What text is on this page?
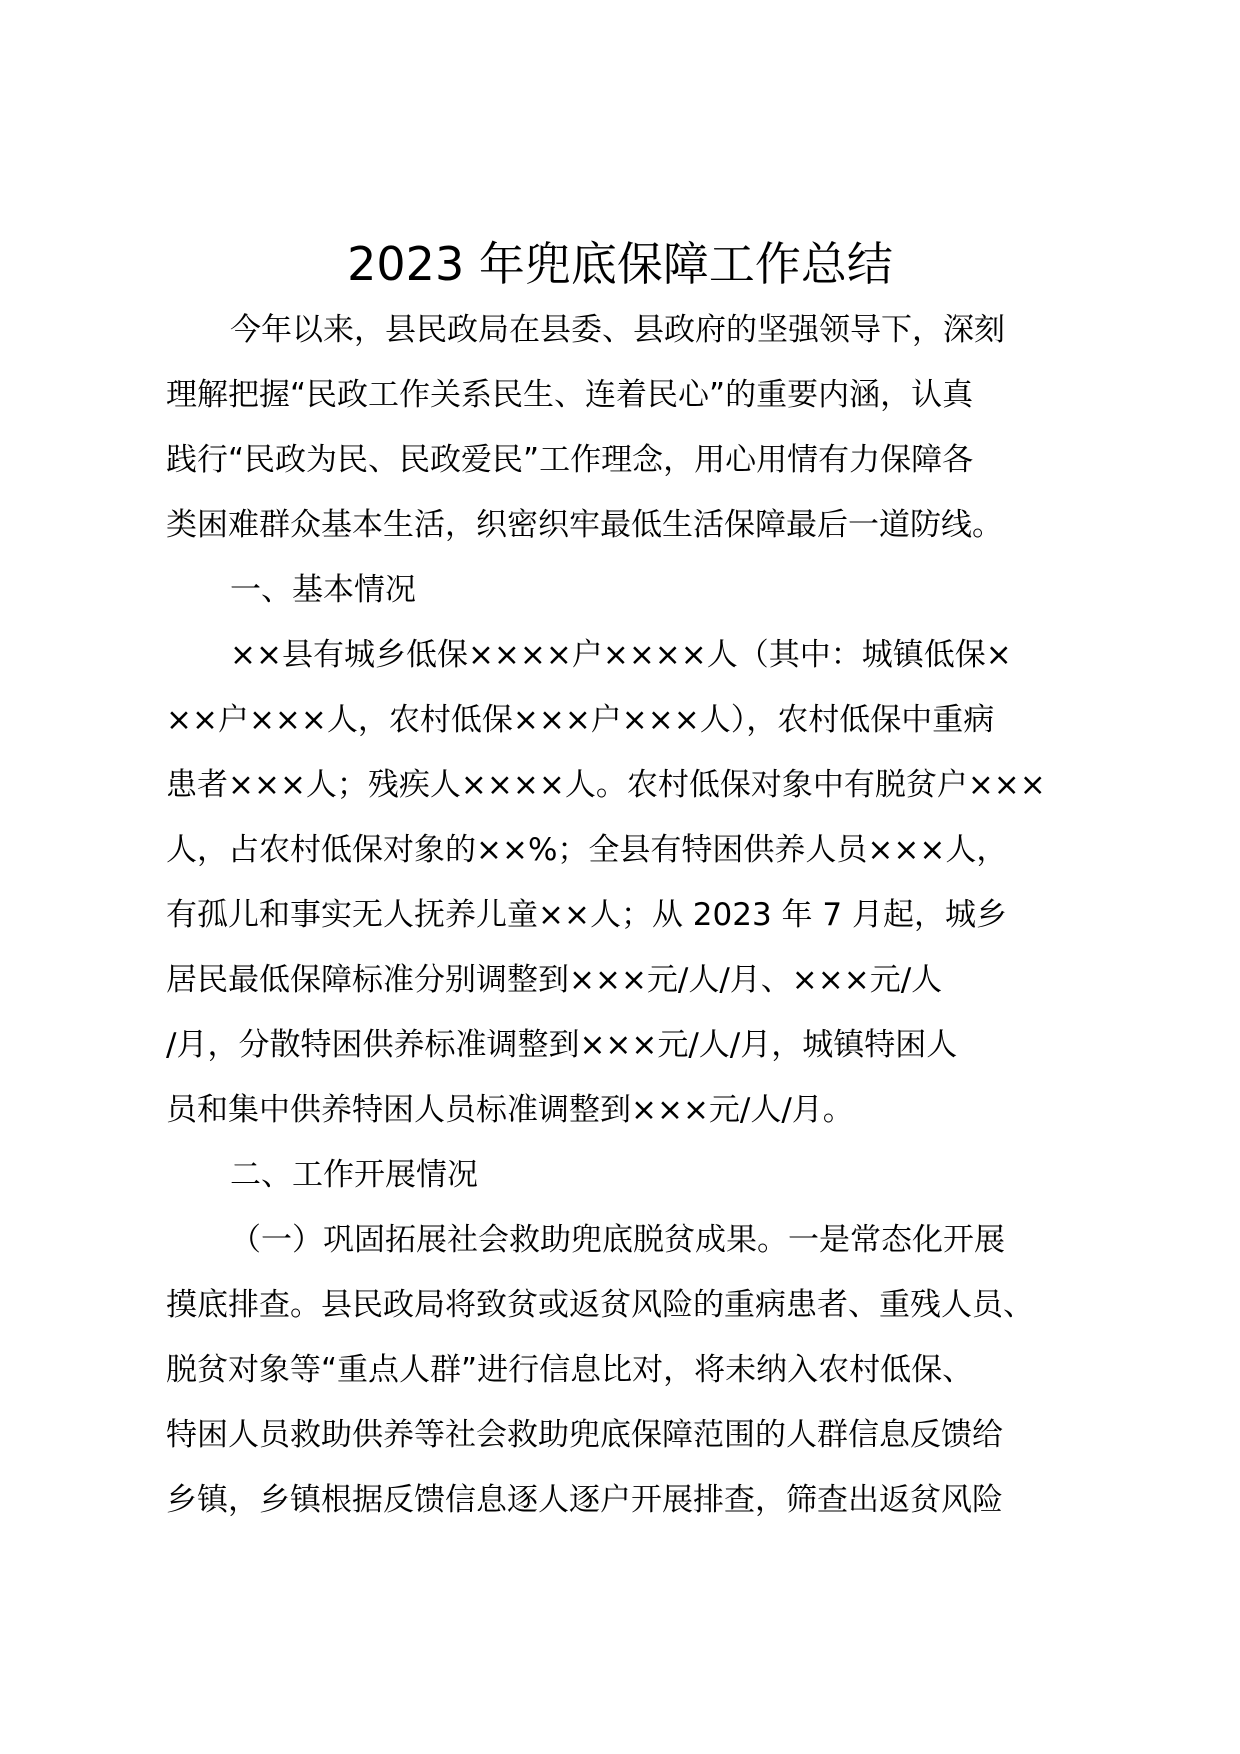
2023 年兜底保障工作总结
今年以来，县民政局在县委、县政府的坚强领导下，深刻
理解把握“民政工作关系民生、连着民心”的重要内涵，认真
践行“民政为民、民政爱民”工作理念，用心用情有力保障各
类困难群众基本生活，织密织牢最低生活保障最后一道防线。
一、基本情况
××县有城乡低保××××户××××人（其中：城镇低保×
××户×××人，农村低保×××户×××人），农村低保中重病
患者×××人；残疾人××××人。农村低保对象中有脱贫户×××
人，占农村低保对象的××%；全县有特困供养人员×××人，
有孤儿和事实无人抚养儿童××人；从 2023 年 7 月起，城乡
居民最低保障标准分别调整到×××元/人/月、×××元/人
/月，分散特困供养标准调整到×××元/人/月，城镇特困人
员和集中供养特困人员标准调整到×××元/人/月。
二、工作开展情况
（一）巩固拓展社会救助兜底脱贫成果。一是常态化开展
摸底排查。县民政局将致贫或返贫风险的重病患者、重残人员、
脱贫对象等“重点人群”进行信息比对，将未纳入农村低保、
特困人员救助供养等社会救助兜底保障范围的人群信息反馈给
乡镇，乡镇根据反馈信息逐人逐户开展排查，筛查出返贫风险
